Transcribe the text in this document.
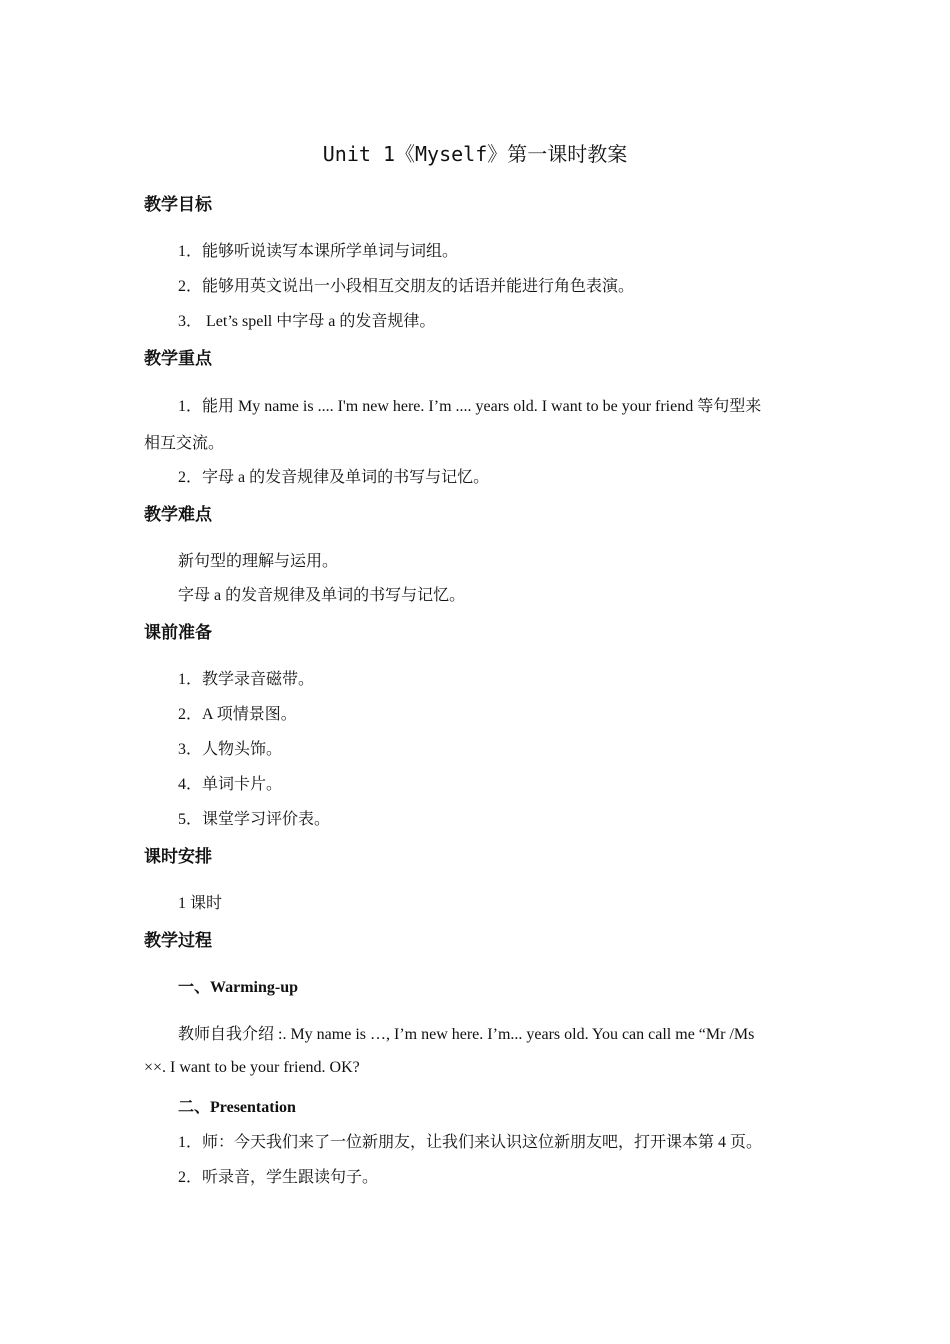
Unit 1《Myself》第一课时教案
教学目标
1．能够听说读写本课所学单词与词组。
2．能够用英文说出一小段相互交朋友的话语并能进行角色表演。
3． Let’s spell 中字母 a 的发音规律。
教学重点
1．能用 My name is .... I'm new here. I’m .... years old. I want to be your friend 等句型来
相互交流。
2．字母 a 的发音规律及单词的书写与记忆。
教学难点
新句型的理解与运用。
字母 a 的发音规律及单词的书写与记忆。
课前准备
1．教学录音磁带。
2．A 项情景图。
3．人物头饰。
4．单词卡片。
5．课堂学习评价表。
课时安排
1 课时
教学过程
一、Warming-up
教师自我介绍 :. My name is …, I’m new here. I’m... years old. You can call me “Mr /Ms
××. I want to be your friend. OK?
二、Presentation
1．师：今天我们来了一位新朋友，让我们来认识这位新朋友吧，打开课本第 4 页。
2．听录音，学生跟读句子。
